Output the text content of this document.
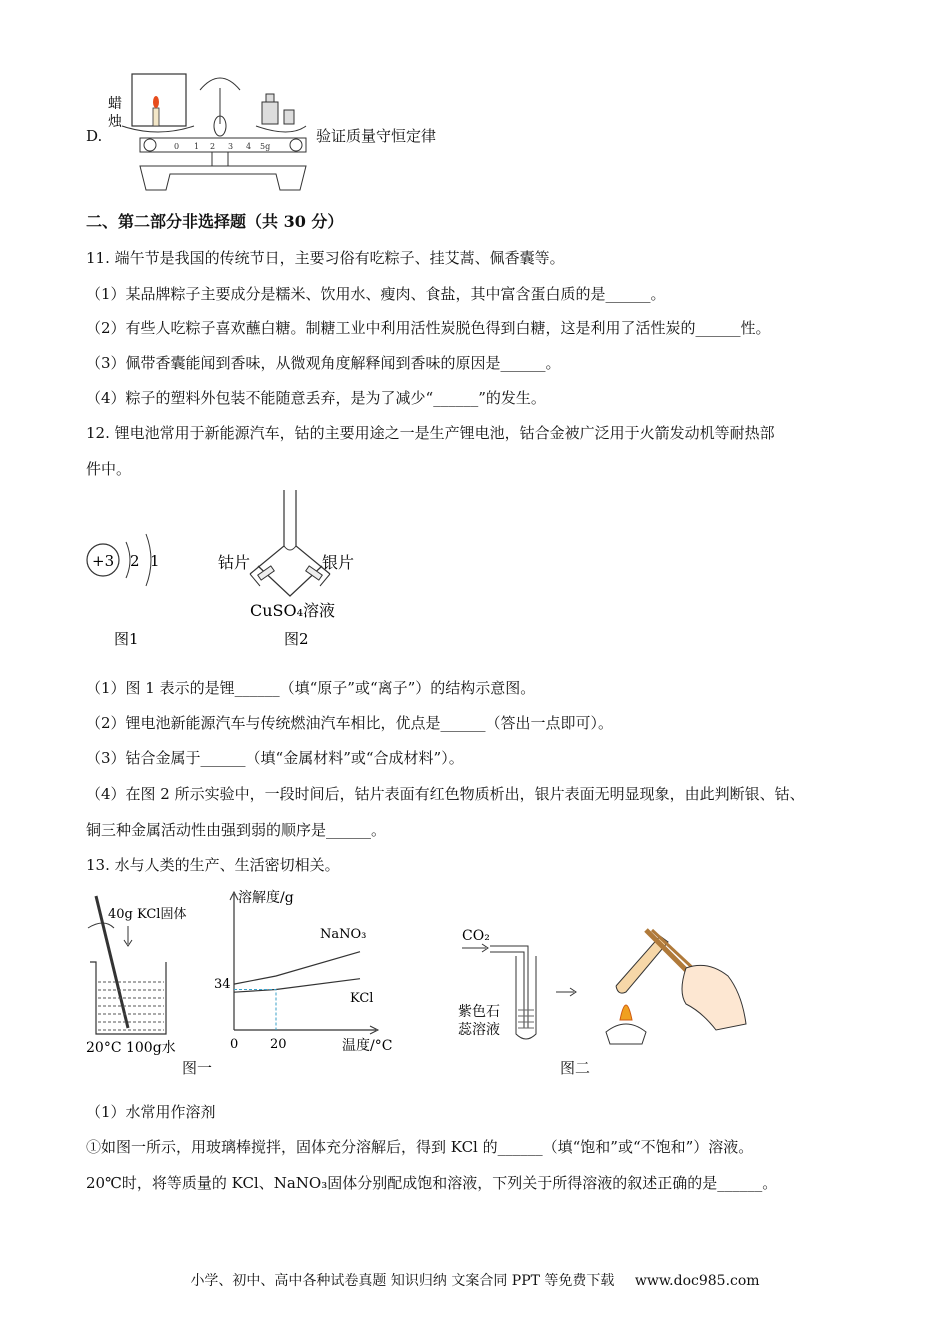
D.
蜡
烛
0 1 2 3 4 5g
验证质量守恒定律
二、第二部分非选择题（共 30 分）
11. 端午节是我国的传统节日，主要习俗有吃粽子、挂艾蒿、佩香囊等。
（1）某品牌粽子主要成分是糯米、饮用水、瘦肉、食盐，其中富含蛋白质的是______。
（2）有些人吃粽子喜欢蘸白糖。制糖工业中利用活性炭脱色得到白糖，这是利用了活性炭的______性。
（3）佩带香囊能闻到香味，从微观角度解释闻到香味的原因是______。
（4）粽子的塑料外包装不能随意丢弃，是为了减少“______”的发生。
12. 锂电池常用于新能源汽车，钴的主要用途之一是生产锂电池，钴合金被广泛用于火箭发动机等耐热部
件中。
+3 2 1
图1
钴片	银片
CuSO₄溶液
图2
（1）图 1 表示的是锂______（填“原子”或“离子”）的结构示意图。
（2）锂电池新能源汽车与传统燃油汽车相比，优点是______（答出一点即可）。
（3）钴合金属于______（填“金属材料”或“合成材料”）。
（4）在图 2 所示实验中，一段时间后，钴片表面有红色物质析出，银片表面无明显现象，由此判断银、钴、
铜三种金属活动性由强到弱的顺序是______。
13. 水与人类的生产、生活密切相关。
40g KCl固体
20°C 100g水
溶解度/g
温度/°C
34
0 20
NaNO₃
KCl
图一
CO₂
紫色石
蕊溶液
图二
（1）水常用作溶剂
①如图一所示，用玻璃棒搅拌，固体充分溶解后，得到 KCl 的______（填“饱和”或“不饱和”）溶液。
20℃时，将等质量的 KCl、NaNO₃固体分别配成饱和溶液，下列关于所得溶液的叙述正确的是______。
小学、初中、高中各种试卷真题 知识归纳 文案合同 PPT 等免费下载 www.doc985.com
